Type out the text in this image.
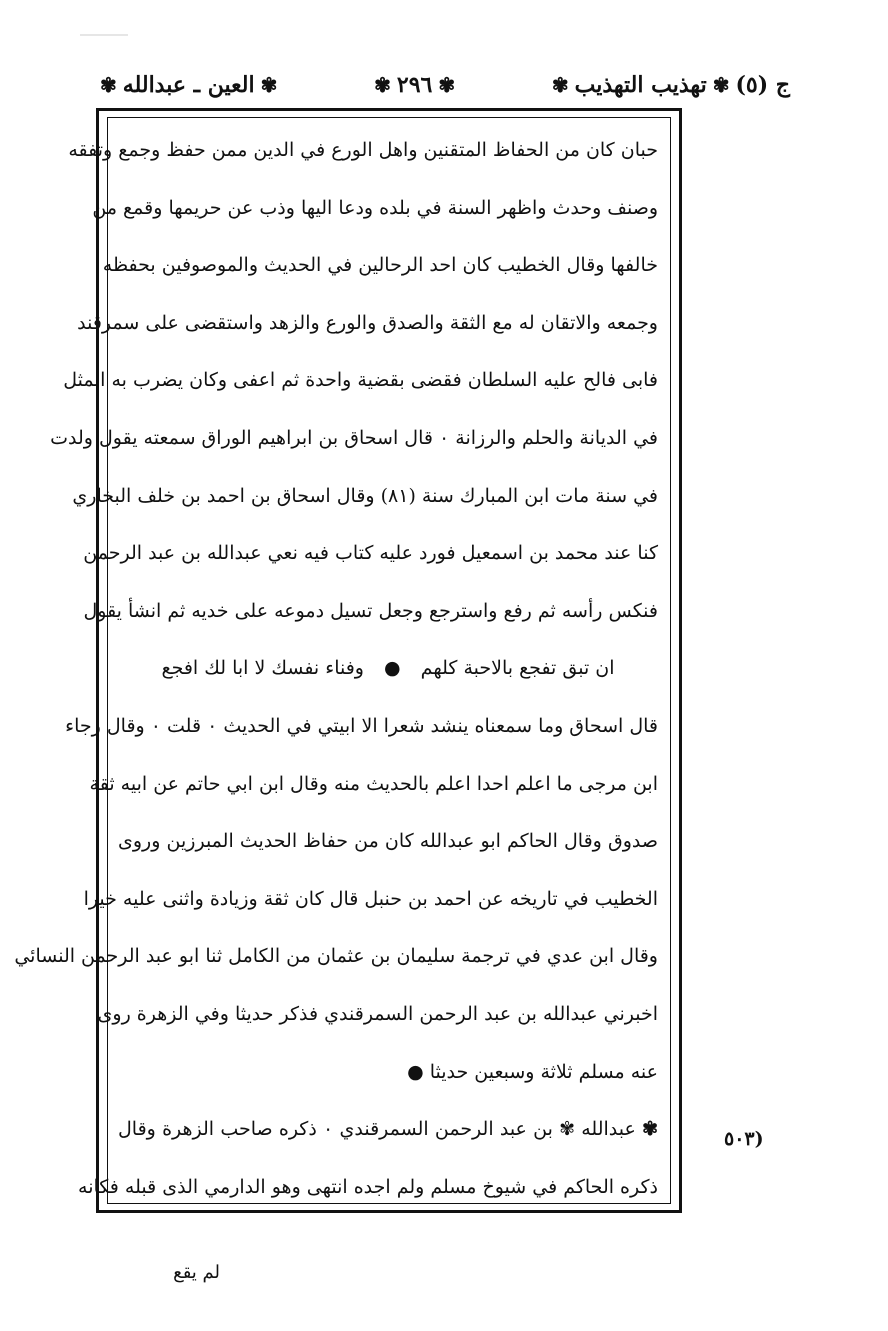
ج (٥)
✾
تهذيب التهذيب
✾
✾
٢٩٦
✾
✾
العين ـ عبدالله
✾
حبان كان من الحفاظ المتقنين واهل الورع في الدين ممن حفظ وجمع وتفقه
وصنف وحدث واظهر السنة في بلده ودعا اليها وذب عن حريمها وقمع من
خالفها وقال الخطيب كان احد الرحالين في الحديث والموصوفين بحفظه
وجمعه والاتقان له مع الثقة والصدق والورع والزهد واستقضى على سمرقند
فابى فالح عليه السلطان فقضى بقضية واحدة ثم اعفى وكان يضرب به المثل
في الديانة والحلم والرزانة ٠ قال اسحاق بن ابراهيم الوراق سمعته يقول ولدت
في سنة مات ابن المبارك سنة (٨١) وقال اسحاق بن احمد بن خلف البخاري
كنا عند محمد بن اسمعيل فورد عليه كتاب فيه نعي عبدالله بن عبد الرحمن
فنكس رأسه ثم رفع واسترجع وجعل تسيل دموعه على خديه ثم انشأ يقول
ان تبق تفجع بالاحبة كلهم ● وفناء نفسك لا ابا لك افجع
قال اسحاق وما سمعناه ينشد شعرا الا ابيتي في الحديث ٠ قلت ٠ وقال رجاء
ابن مرجى ما اعلم احدا اعلم بالحديث منه وقال ابن ابي حاتم عن ابيه ثقة
صدوق وقال الحاكم ابو عبدالله كان من حفاظ الحديث المبرزين وروى
الخطيب في تاريخه عن احمد بن حنبل قال كان ثقة وزيادة واثنى عليه خيرا
وقال ابن عدي في ترجمة سليمان بن عثمان من الكامل ثنا ابو عبد الرحمن النسائي
اخبرني عبدالله بن عبد الرحمن السمرقندي فذكر حديثا وفي الزهرة روى
عنه مسلم ثلاثة وسبعين حديثا ●
✾ عبدالله ✾ بن عبد الرحمن السمرقندي ٠ ذكره صاحب الزهرة وقال
ذكره الحاكم في شيوخ مسلم ولم اجده انتهى وهو الدارمي الذى قبله فكانه
٥٠٣)
لم يقع
